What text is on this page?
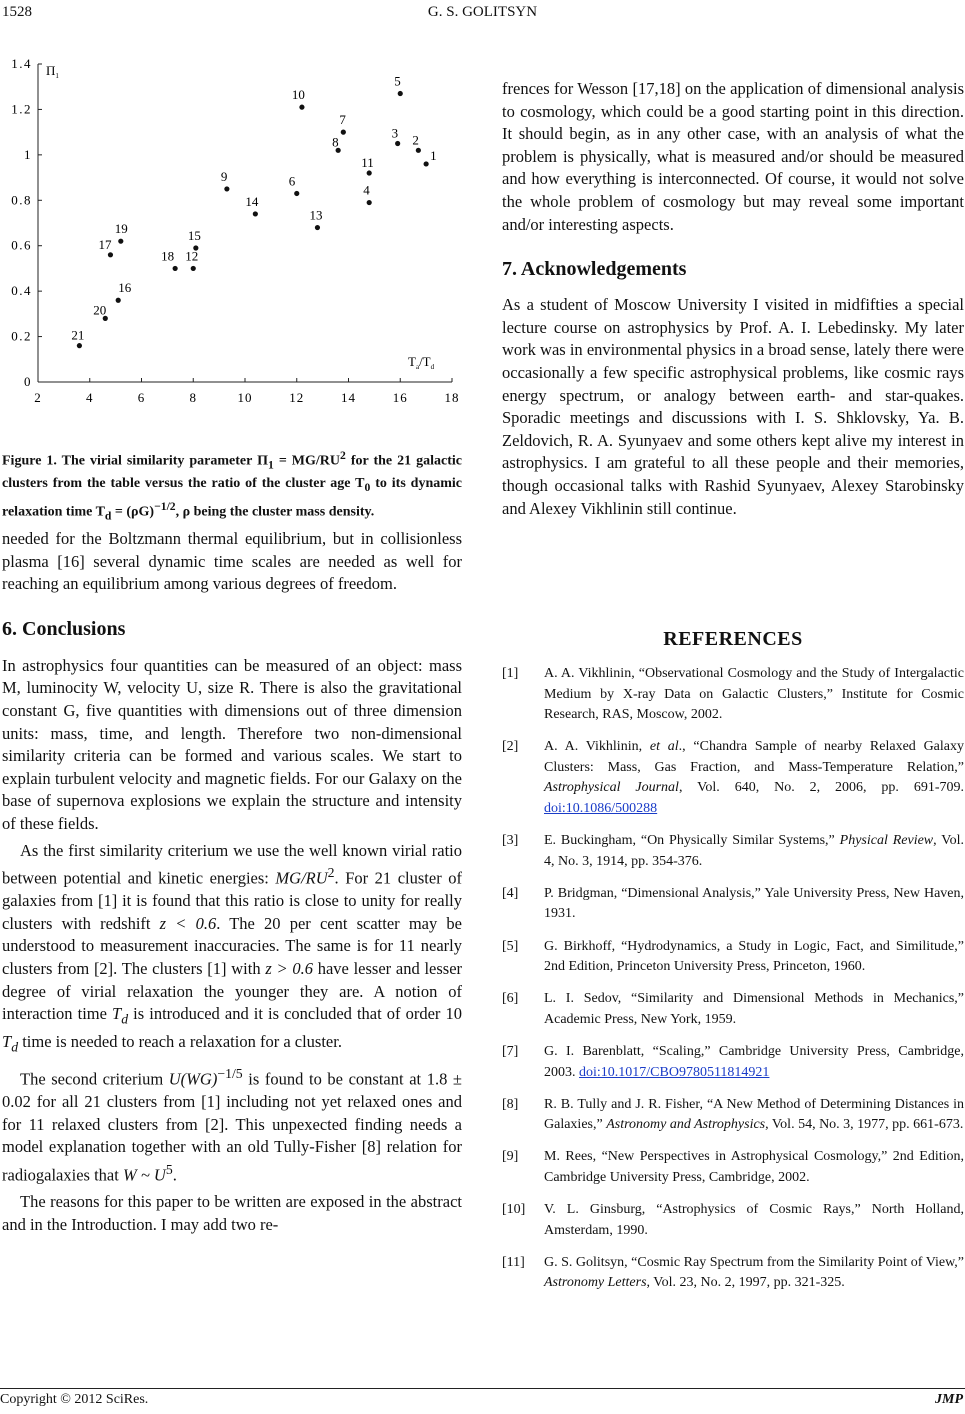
1528	G. S. GOLITSYN
2	4	6	8	10	12	14	16	18
0
0.2
0.4
0.6
0.8
1
1.2
1.4
1
2
3
4
5
6
7
8
9
10
11
12
13
14
15
16
17
18
19
20
21
$\Pi_1$
$T_a/T_d$
Figure 1. The virial similarity parameter $\Pi_1 = MG/RU^2$ for the 21 galactic clusters from the table versus the ratio of the cluster age $T_0$ to its dynamic relaxation time $T_d = (\rho G)^{-1/2}$, ρ being the cluster mass density.

needed for the Boltzmann thermal equilibrium, but in collisionless plasma [16] several dynamic time scales are needed as well for reaching an equilibrium among various degrees of freedom.

6. Conclusions

In astrophysics four quantities can be measured of an object: mass M, luminocity W, velocity U, size R. There is also the gravitational constant G, five quantities with dimensions out of three dimension units: mass, time, and length. Therefore two non-dimensional similarity criteria can be formed and various scales. We start to explain turbulent velocity and magnetic fields. For our Galaxy on the base of supernova explosions we explain the structure and intensity of these fields.

As the first similarity criterium we use the well known virial ratio between potential and kinetic energies: $MG/RU^2$. For 21 cluster of galaxies from [1] it is found that this ratio is close to unity for really clusters with redshift z < 0.6. The 20 per cent scatter may be understood to measurement inaccuracies. The same is for 11 nearly clusters from [2]. The clusters [1] with z > 0.6 have lesser and lesser degree of virial relaxation the younger they are. A notion of interaction time $T_d$ is introduced and it is concluded that of order 10 $T_d$ time is needed to reach a relaxation for a cluster.

The second criterium U(WG)$^{-1/5}$ is found to be constant at 1.8 ± 0.02 for all 21 clusters from [1] including not yet relaxed ones and for 11 relaxed clusters from [2]. This unpexected finding needs a model explanation together with an old Tully-Fisher [8] relation for radiogalaxies that W ~ $U^5$.

The reasons for this paper to be written are exposed in the abstract and in the Introduction. I may add two re-

frences for Wesson [17,18] on the application of dimensional analysis to cosmology, which could be a good starting point in this direction. It should begin, as in any other case, with an analysis of what the problem is physically, what is measured and/or should be measured and how everything is interconnected. Of course, it would not solve the whole problem of cosmology but may reveal some important and/or interesting aspects.

7. Acknowledgements

As a student of Moscow University I visited in midfifties a special lecture course on astrophysics by Prof. A. I. Lebedinsky. My later work was in environmental physics in a broad sense, lately there were occasionally a few specific astrophysical problems, like cosmic rays energy spectrum, or analogy between earth- and star-quakes. Sporadic meetings and discussions with I. S. Shklovsky, Ya. B. Zeldovich, R. A. Syunyaev and some others kept alive my interest in astrophysics. I am grateful to all these people and their memories, though occasional talks with Rashid Syunyaev, Alexey Starobinsky and Alexey Vikhlinin still continue.

REFERENCES
[1] A. A. Vikhlinin, “Observational Cosmology and the Study of Intergalactic Medium by X-ray Data on Galactic Clusters,” Institute for Cosmic Research, RAS, Moscow, 2002.
[2] A. A. Vikhlinin, et al., “Chandra Sample of nearby Relaxed Galaxy Clusters: Mass, Gas Fraction, and Mass-Temperature Relation,” Astrophysical Journal, Vol. 640, No. 2, 2006, pp. 691-709. doi:10.1086/500288
[3] E. Buckingham, “On Physically Similar Systems,” Physical Review, Vol. 4, No. 3, 1914, pp. 354-376.
[4] P. Bridgman, “Dimensional Analysis,” Yale University Press, New Haven, 1931.
[5] G. Birkhoff, “Hydrodynamics, a Study in Logic, Fact, and Similitude,” 2nd Edition, Princeton University Press, Princeton, 1960.
[6] L. I. Sedov, “Similarity and Dimensional Methods in Mechanics,” Academic Press, New York, 1959.
[7] G. I. Barenblatt, “Scaling,” Cambridge University Press, Cambridge, 2003. doi:10.1017/CBO9780511814921
[8] R. B. Tully and J. R. Fisher, “A New Method of Determining Distances in Galaxies,” Astronomy and Astrophysics, Vol. 54, No. 3, 1977, pp. 661-673.
[9] M. Rees, “New Perspectives in Astrophysical Cosmology,” 2nd Edition, Cambridge University Press, Cambridge, 2002.
[10] V. L. Ginsburg, “Astrophysics of Cosmic Rays,” North Holland, Amsterdam, 1990.
[11] G. S. Golitsyn, “Cosmic Ray Spectrum from the Similarity Point of View,” Astronomy Letters, Vol. 23, No. 2, 1997, pp. 321-325.
Copyright © 2012 SciRes.	JMP
